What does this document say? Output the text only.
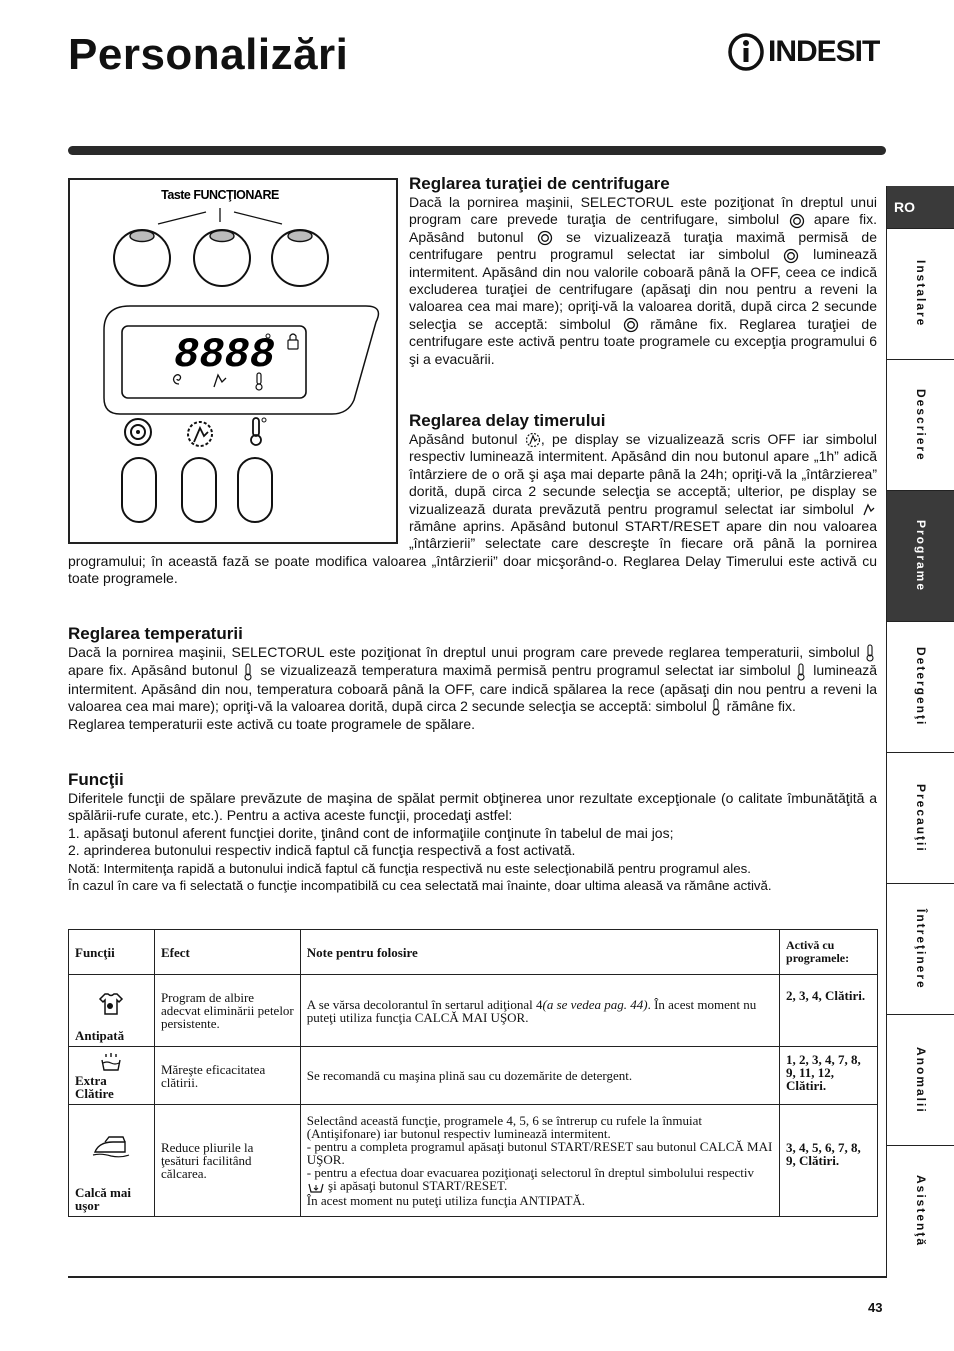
Personalizări	INDESIT
RO
Instalare
Descriere
Programe
Detergenţi
Precauţii
Întreţinere
Anomalii
Asistenţă
Taste FUNCŢIONARE
8888
Reglarea turaţiei de centrifugare
Dacă la pornirea maşinii, SELECTORUL este poziţionat în dreptul unui program care prevede turaţia de centrifugare, simbolul apare fix. Apăsând butonul	se vizualizează turaţia maximă permisă de centrifugare pentru programul selectat iar simbolul	luminează intermitent. Apăsând din nou valorile coboară până la OFF, ceea ce indică excluderea turaţiei de centrifugare (apăsaţi din nou pentru a reveni la valoarea cea mai mare); opriţi-vă la valoarea dorită, după circa 2 secunde selecţia se acceptă: simbolul	rămâne fix. Reglarea turaţiei de centrifugare este activă pentru toate programele cu excepţia programului 6 şi a evacuării.
Reglarea delay timerului
Apăsând butonul , pe display se vizualizează scris OFF iar simbolul respectiv luminează intermitent. Apăsând din nou butonul apare „1h” adică întârziere de o oră şi aşa mai departe până la 24h; opriţi-vă la „întârzierea” dorită, după circa 2 secunde selecţia se acceptă; ulterior, pe display se vizualizează durata prevăzută pentru programul selectat iar simbolul  rămâne aprins. Apăsând butonul START/RESET apare din nou valoarea „întârzierii” selectate care descreşte în fiecare oră până la pornirea programului; în această fază se poate modifica valoarea „întârzierii” doar micşorând-o. Reglarea Delay Timerului este activă cu toate programele.
Reglarea temperaturii

Dacă la pornirea maşinii, SELECTORUL este poziţionat în dreptul unui program care prevede reglarea temperaturii, simbolul  apare fix. Apăsând butonul se vizualizează temperatura maximă permisă pentru programul selectat iar simbolul luminează intermitent. Apăsând din nou, temperatura coboară până la OFF, care indică spălarea la rece (apăsaţi din nou pentru a reveni la valoarea cea mai mare); opriţi-vă la valoarea dorită, după circa 2 secunde selecţia se acceptă: simbolul rămâne fix.

Reglarea temperaturii este activă cu toate programele de spălare.

Funcţii

Diferitele funcţii de spălare prevăzute de maşina de spălat permit obţinerea unor rezultate excepţionale (o calitate îmbunătăţită a spălării-rufe curate, etc.). Pentru a activa aceste funcţii, procedaţi astfel:

1. apăsaţi butonul aferent funcţiei dorite, ţinând cont de informaţiile conţinute în tabelul de mai jos;

2. aprinderea butonului respectiv indică faptul că funcţia respectivă a fost activată.

Notă: Intermitenţa rapidă a butonului indică faptul că funcţia respectivă nu este selecţionabilă pentru programul ales.

În cazul în care va fi selectată o funcţie incompatibilă cu cea selectată mai înainte, doar ultima aleasă va rămâne activă.

Funcţii	Efect	Note pentru folosire	Activă cu programele:

Antipată	Program de albire adecvat eliminării petelor persistente.	A se vărsa decolorantul în sertarul adiţional 4(a se vedea pag. 44). În acest moment nu puteţi utiliza funcţia CALCĂ MAI UŞOR.	2, 3, 4, Clătiri.

Extra Clătire	Măreşte eficacitatea clătirii.	Se recomandă cu maşina plină sau cu dozemărite de detergent.	1, 2, 3, 4, 7, 8, 9, 11, 12, Clătiri.

Calcă mai uşor	Reduce pliurile la ţesături facilitând călcarea.	Selectând această funcţie, programele 4, 5, 6 se întrerup cu rufele la înmuiat (Antişifonare) iar butonul respectiv luminează intermitent.
- pentru a completa programul apăsaţi butonul START/RESET sau butonul CALCĂ MAI UŞOR.
- pentru a efectua doar evacuarea poziţionaţi selectorul în dreptul simbolului respectiv  şi apăsaţi butonul START/RESET.
În acest moment nu puteţi utiliza funcţia ANTIPATĂ.	3, 4, 5, 6, 7, 8, 9, Clătiri.
43
